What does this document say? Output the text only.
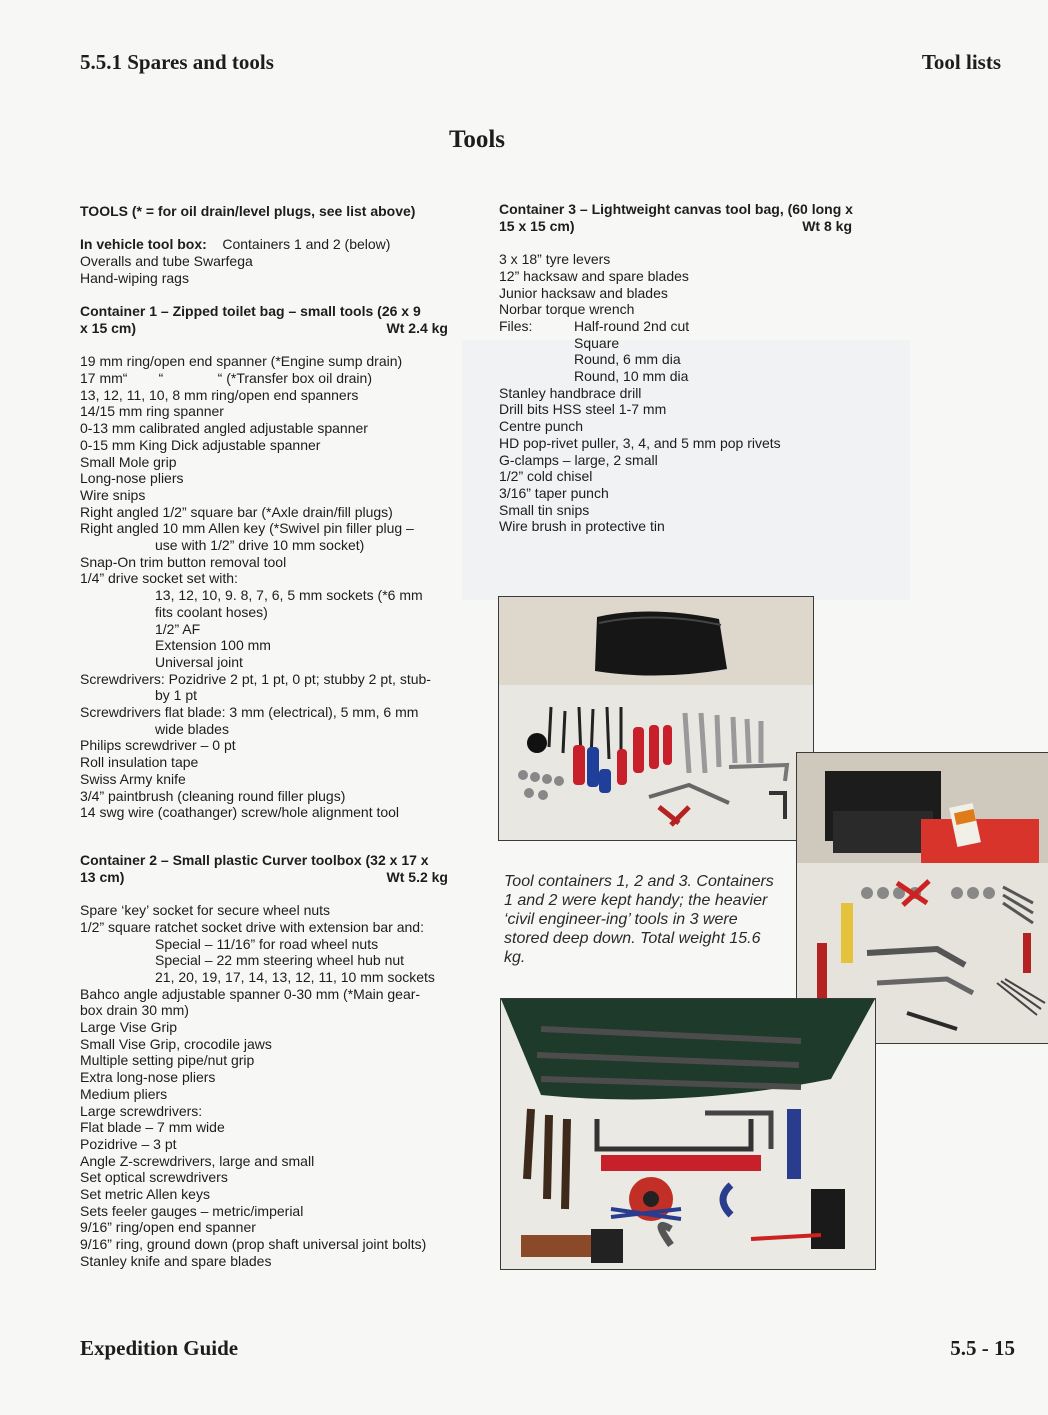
5.5.1 Spares and tools	Tool lists
Tools
TOOLS (* = for oil drain/level plugs, see list above)
In vehicle tool box: Containers 1 and 2 (below)
Overalls and tube Swarfega
Hand-wiping rags
Container 1 – Zipped toilet bag – small tools (26 x 9
x 15 cm)	Wt 2.4 kg
19 mm ring/open end spanner (*Engine sump drain)
17 mm“        “              “ (*Transfer box oil drain)
13, 12, 11, 10, 8 mm ring/open end spanners
14/15 mm ring spanner
0-13 mm calibrated angled adjustable spanner
0-15 mm King Dick adjustable spanner
Small Mole grip
Long-nose pliers
Wire snips
Right angled 1/2” square bar (*Axle drain/fill plugs)
Right angled 10 mm Allen key (*Swivel pin filler plug –
use with 1/2” drive 10 mm socket)
Snap-On trim button removal tool
1/4” drive socket set with:
13, 12, 10, 9. 8, 7, 6, 5 mm sockets (*6 mm
fits coolant hoses)
1/2” AF
Extension 100 mm
Universal joint
Screwdrivers: Pozidrive 2 pt, 1 pt, 0 pt; stubby 2 pt, stub-
by 1 pt
Screwdrivers flat blade: 3 mm (electrical), 5 mm, 6 mm
wide blades
Philips screwdriver – 0 pt
Roll insulation tape
Swiss Army knife
3/4” paintbrush (cleaning round filler plugs)
14 swg wire (coathanger) screw/hole alignment tool
Container 2 – Small plastic Curver toolbox (32 x 17 x
13 cm)	Wt 5.2 kg
Spare ‘key’ socket for secure wheel nuts
1/2” square ratchet socket drive with extension bar and:
Special – 11/16” for road wheel nuts
Special – 22 mm steering wheel hub nut
21, 20, 19, 17, 14, 13, 12, 11, 10 mm sockets
Bahco angle adjustable spanner 0-30 mm (*Main gear-
box drain 30 mm)
Large Vise Grip
Small Vise Grip, crocodile jaws
Multiple setting pipe/nut grip
Extra long-nose pliers
Medium pliers
Large screwdrivers:
Flat blade – 7 mm wide
Pozidrive – 3 pt
Angle Z-screwdrivers, large and small
Set optical screwdrivers
Set metric Allen keys
Sets feeler gauges – metric/imperial
9/16” ring/open end spanner
9/16” ring, ground down (prop shaft universal joint bolts)
Stanley knife and spare blades
Container 3 – Lightweight canvas tool bag, (60 long x
15 x 15 cm)	Wt 8 kg
3 x 18” tyre levers
12” hacksaw and spare blades
Junior hacksaw and blades
Norbar torque wrench
Files:	Half-round 2nd cut
Square
Round, 6 mm dia
Round, 10 mm dia
Stanley handbrace drill
Drill bits HSS steel 1-7 mm
Centre punch
HD pop-rivet puller, 3, 4, and 5 mm pop rivets
G-clamps – large, 2 small
1/2” cold chisel
3/16” taper punch
Small tin snips
Wire brush in protective tin
Tool containers 1, 2 and 3. Containers 1 and 2 were kept handy; the heavier ‘civil engineer-ing’ tools in 3 were stored deep down. Total weight 15.6 kg.
Expedition Guide	5.5 - 15
